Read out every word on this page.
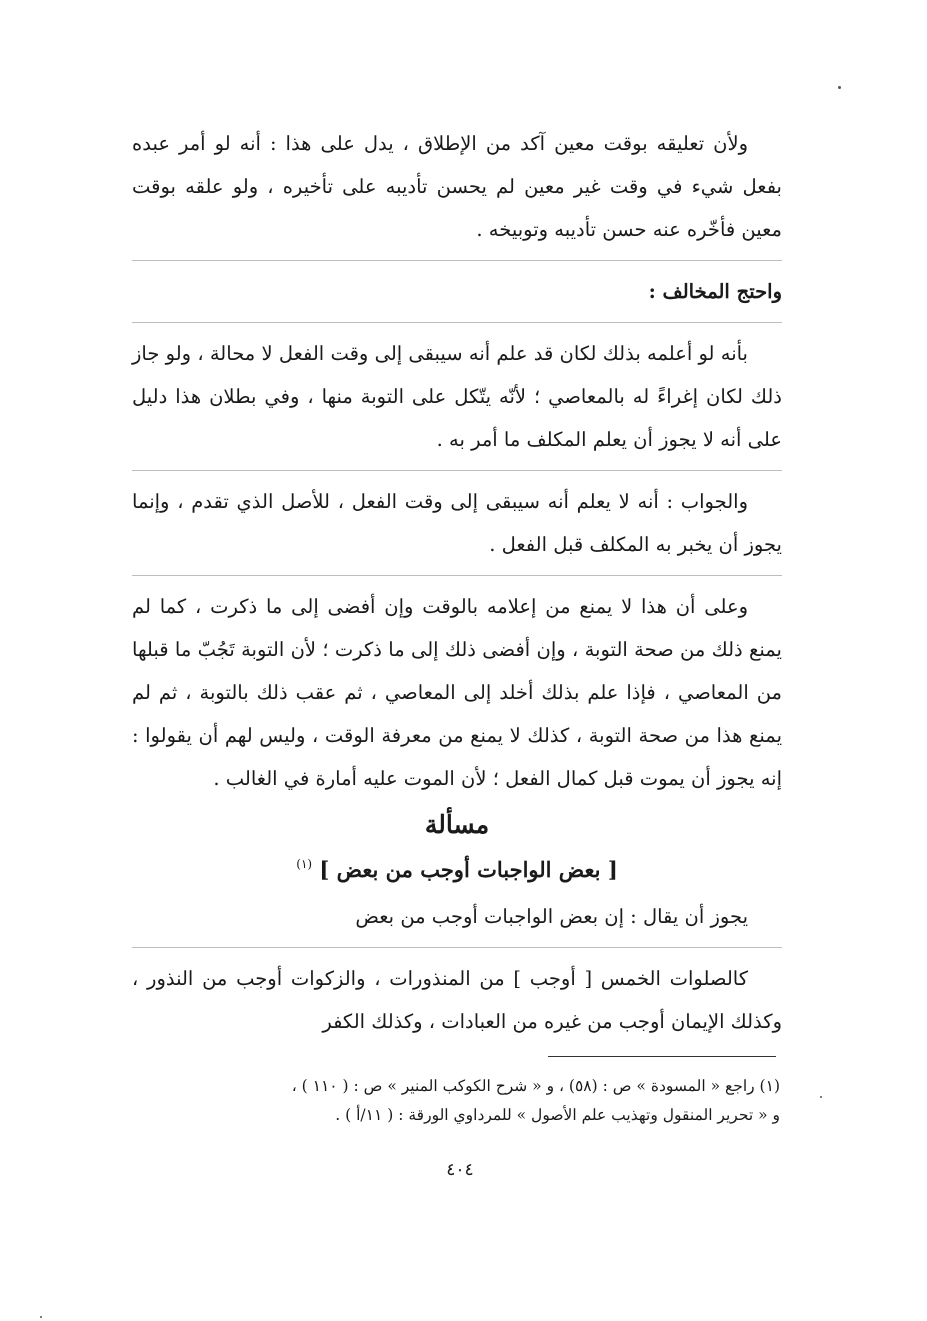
ولأن تعليقه بوقت معين آكد من الإطلاق ، يدل على هذا : أنه لو أمر عبده بفعل شيء في وقت غير معين لم يحسن تأديبه على تأخيره ، ولو علقه بوقت معين فأخّره عنه حسن تأديبه وتوبيخه .

واحتج المخالف :

بأنه لو أعلمه بذلك لكان قد علم أنه سيبقى إلى وقت الفعل لا محالة ، ولو جاز ذلك لكان إغراءً له بالمعاصي ؛ لأنّه يتّكل على التوبة منها ، وفي بطلان هذا دليل على أنه لا يجوز أن يعلم المكلف ما أمر به .

والجواب : أنه لا يعلم أنه سيبقى إلى وقت الفعل ، للأصل الذي تقدم ، وإنما يجوز أن يخبر به المكلف قبل الفعل .

وعلى أن هذا لا يمنع من إعلامه بالوقت وإن أفضى إلى ما ذكرت ، كما لم يمنع ذلك من صحة التوبة ، وإن أفضى ذلك إلى ما ذكرت ؛ لأن التوبة تَجُبّ ما قبلها من المعاصي ، فإذا علم بذلك أخلد إلى المعاصي ، ثم عقب ذلك بالتوبة ، ثم لم يمنع هذا من صحة التوبة ، كذلك لا يمنع من معرفة الوقت ، وليس لهم أن يقولوا : إنه يجوز أن يموت قبل كمال الفعل ؛ لأن الموت عليه أمارة في الغالب .

مسألة

[ بعض الواجبات أوجب من بعض ] $^{(١)}$

يجوز أن يقال : إن بعض الواجبات أوجب من بعض

كالصلوات الخمس [ أوجب ] من المنذورات ، والزكوات أوجب من النذور ، وكذلك الإيمان أوجب من غيره من العبادات ، وكذلك الكفر

(١) راجع « المسودة » ص : (٥٨) ، و « شرح الكوكب المنير » ص : ( ١١٠ ) ،

و « تحرير المنقول وتهذيب علم الأصول » للمرداوي الورقة : ( ١١/أ ) .

٤٠٤
